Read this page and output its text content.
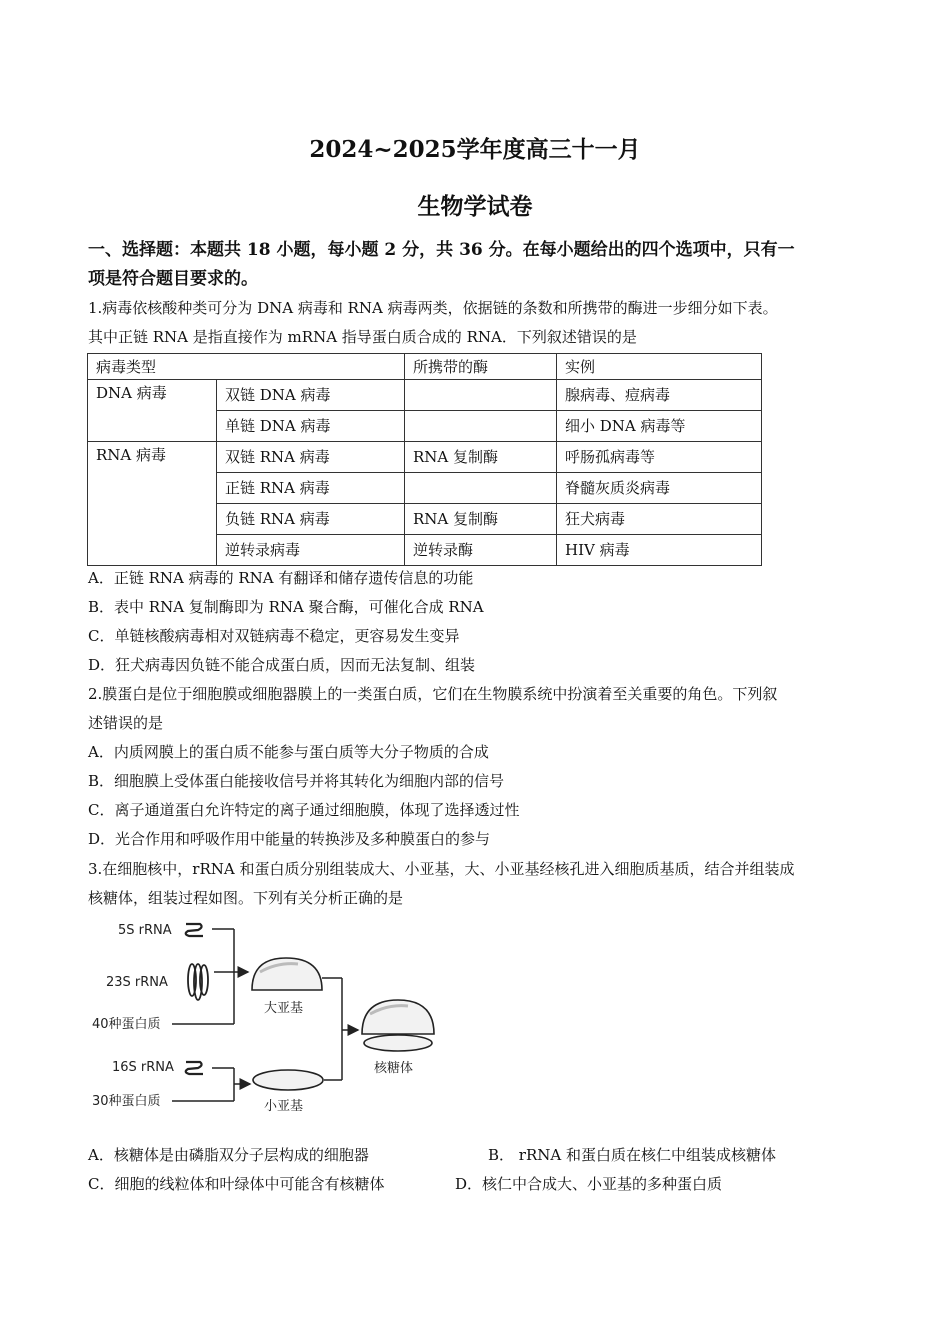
2024~2025学年度高三十一月
生物学试卷
一、选择题：本题共 18 小题，每小题 2 分，共 36 分。在每小题给出的四个选项中，只有一
项是符合题目要求的。
1.病毒依核酸种类可分为 DNA 病毒和 RNA 病毒两类，依据链的条数和所携带的酶进一步细分如下表。
其中正链 RNA 是指直接作为 mRNA 指导蛋白质合成的 RNA．下列叙述错误的是
病毒类型		所携带的酶	实例
DNA 病毒	双链 DNA 病毒		腺病毒、痘病毒
	单链 DNA 病毒		细小 DNA 病毒等
RNA 病毒	双链 RNA 病毒	RNA 复制酶	呼肠孤病毒等
	正链 RNA 病毒		脊髓灰质炎病毒
	负链 RNA 病毒	RNA 复制酶	狂犬病毒
	逆转录病毒	逆转录酶	HIV 病毒
A．正链 RNA 病毒的 RNA 有翻译和储存遗传信息的功能
B．表中 RNA 复制酶即为 RNA 聚合酶，可催化合成 RNA
C．单链核酸病毒相对双链病毒不稳定，更容易发生变异
D．狂犬病毒因负链不能合成蛋白质，因而无法复制、组装
2.膜蛋白是位于细胞膜或细胞器膜上的一类蛋白质，它们在生物膜系统中扮演着至关重要的角色。下列叙
述错误的是
A．内质网膜上的蛋白质不能参与蛋白质等大分子物质的合成
B．细胞膜上受体蛋白能接收信号并将其转化为细胞内部的信号
C．离子通道蛋白允许特定的离子通过细胞膜，体现了选择透过性
D．光合作用和呼吸作用中能量的转换涉及多种膜蛋白的参与
3.在细胞核中，rRNA 和蛋白质分别组装成大、小亚基，大、小亚基经核孔进入细胞质基质，结合并组装成
核糖体，组装过程如图。下列有关分析正确的是
5S rRNA
23S rRNA
40种蛋白质
16S rRNA
30种蛋白质
大亚基
小亚基
核糖体
A．核糖体是由磷脂双分子层构成的细胞器	B． rRNA 和蛋白质在核仁中组装成核糖体
C．细胞的线粒体和叶绿体中可能含有核糖体	D．核仁中合成大、小亚基的多种蛋白质
